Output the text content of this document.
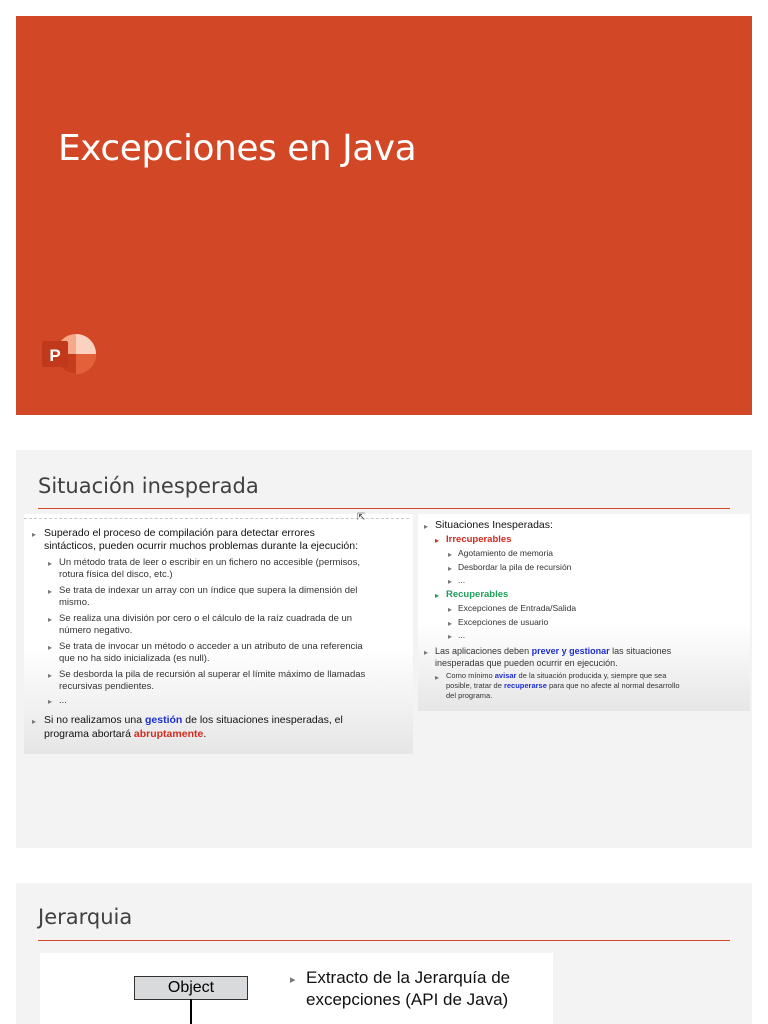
Excepciones en Java
P
Situación inesperada
⇱
▸ Superado el proceso de compilación para detectar errores
sintácticos, pueden ocurrir muchos problemas durante la ejecución:
▸ Un método trata de leer o escribir en un fichero no accesible (permisos,
rotura física del disco, etc.)
▸ Se trata de indexar un array con un índice que supera la dimensión del
mismo.
▸ Se realiza una división por cero o el cálculo de la raíz cuadrada de un
número negativo.
▸ Se trata de invocar un método o acceder a un atributo de una referencia
que no ha sido inicializada (es null).
▸ Se desborda la pila de recursión al superar el límite máximo de llamadas
recursivas pendientes.
▸ ...
▸ Si no realizamos una gestión de los situaciones inesperadas, el
programa abortará abruptamente.
▸ Situaciones Inesperadas:
▸ Irrecuperables
▸ Agotamiento de memoria
▸ Desbordar la pila de recursión
▸ ...
▸ Recuperables
▸ Excepciones de Entrada/Salida
▸ Excepciones de usuario
▸ ...
▸ Las aplicaciones deben prever y gestionar las situaciones
inesperadas que pueden ocurrir en ejecución.
▸ Como mínimo avisar de la situación producida y, siempre que sea
posible, tratar de recuperarse para que no afecte al normal desarrollo
del programa.
Jerarquia
Object	▸ Extracto de la Jerarquía de
excepciones (API de Java)
